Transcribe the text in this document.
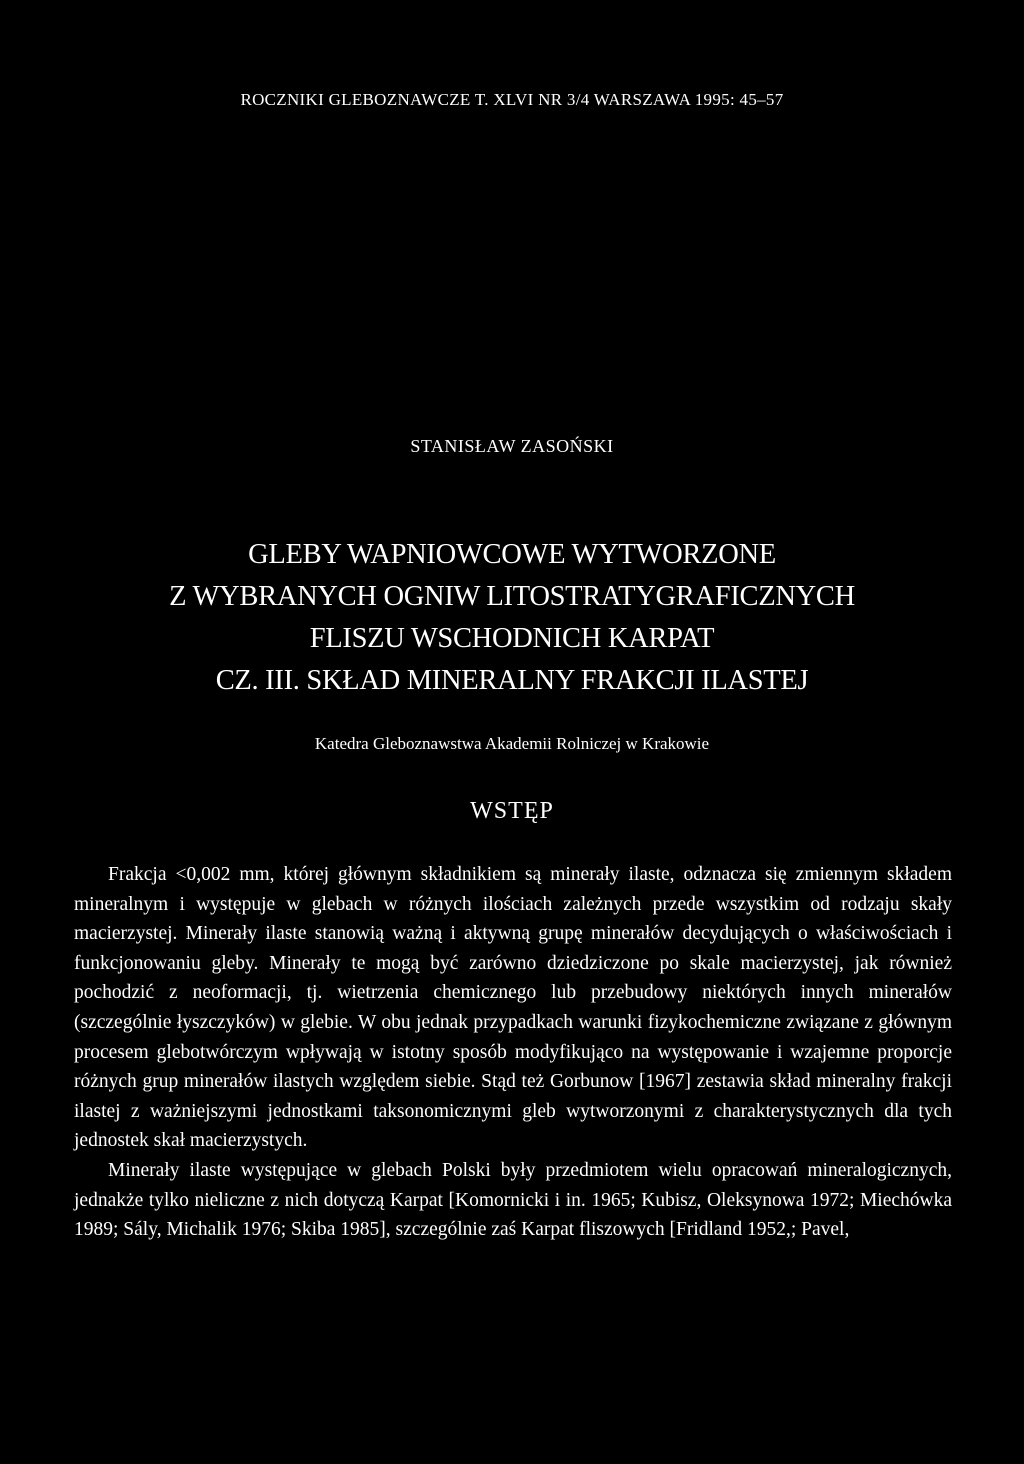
ROCZNIKI GLEBOZNAWCZE T. XLVI NR 3/4 WARSZAWA 1995: 45–57
STANISŁAW ZASOŃSKI
GLEBY WAPNIOWCOWE WYTWORZONE
Z WYBRANYCH OGNIW LITOSTRATYGRAFICZNYCH
FLISZU WSCHODNICH KARPAT
CZ. III. SKŁAD MINERALNY FRAKCJI ILASTEJ
Katedra Gleboznawstwa Akademii Rolniczej w Krakowie
WSTĘP

Frakcja <0,002 mm, której głównym składnikiem są minerały ilaste, odznacza się zmiennym składem mineralnym i występuje w glebach w różnych ilościach zależnych przede wszystkim od rodzaju skały macierzystej. Minerały ilaste stanowią ważną i aktywną grupę minerałów decydujących o właściwościach i funkcjonowaniu gleby. Minerały te mogą być zarówno dziedziczone po skale macierzystej, jak również pochodzić z neoformacji, tj. wietrzenia chemicznego lub przebudowy niektórych innych minerałów (szczególnie łyszczyków) w glebie. W obu jednak przypadkach warunki fizykochemiczne związane z głównym procesem glebotwórczym wpływają w istotny sposób modyfikująco na występowanie i wzajemne proporcje różnych grup minerałów ilastych względem siebie. Stąd też Gorbunow [1967] zestawia skład mineralny frakcji ilastej z ważniejszymi jednostkami taksonomicznymi gleb wytworzonymi z charakterystycznych dla tych jednostek skał macierzystych.

Minerały ilaste występujące w glebach Polski były przedmiotem wielu opracowań mineralogicznych, jednakże tylko nieliczne z nich dotyczą Karpat [Komornicki i in. 1965; Kubisz, Oleksynowa 1972; Miechówka 1989; Sály, Michalik 1976; Skiba 1985], szczególnie zaś Karpat fliszowych [Fridland 1952,; Pavel,
